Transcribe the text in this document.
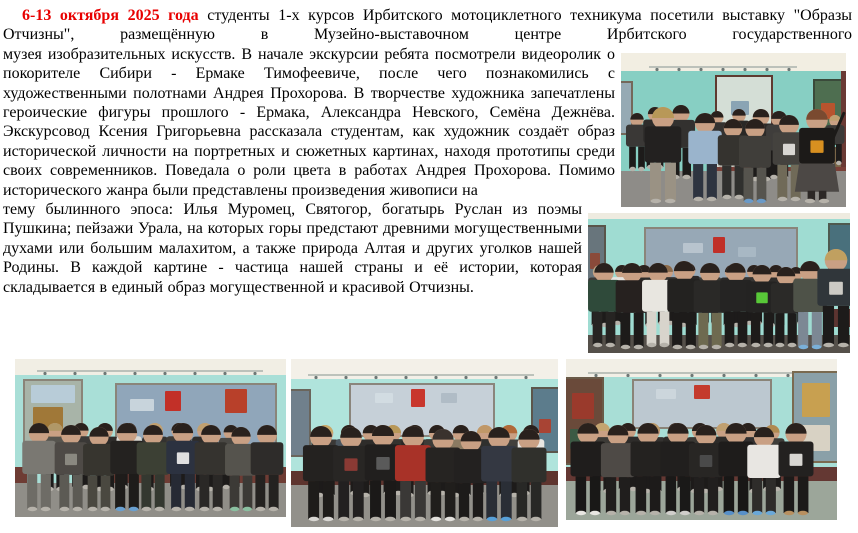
6-13 октября 2025 года студенты 1-х курсов Ирбитского мотоциклетного техникума посетили выставку "Образы Отчизны", размещённую в Музейно-выставочном центре Ирбитского государственного

музея изобразительных искусств. В начале экскурсии ребята посмотрели видеоролик о покорителе Сибири - Ермаке Тимофеевиче, после чего познакомились с художественными полотнами Андрея Прохорова. В творчестве художника запечатлены героические фигуры прошлого - Ермака, Александра Невского, Семёна Дежнёва. Экскурсовод Ксения Григорьевна рассказала студентам, как художник создаёт образ исторической личности на портретных и сюжетных картинах, находя прототипы среди своих современников. Поведала о роли цвета в работах Андрея Прохорова. Помимо исторического жанра были представлены произведения живописи на

тему былинного эпоса: Илья Муромец, Святогор, богатырь Руслан из поэмы Пушкина; пейзажи Урала, на которых горы предстают древними могущественными духами или большим малахитом, а также природа Алтая и других уголков нашей Родины. В каждой картине - частица нашей страны и её истории, которая складывается в единый образ могущественной и красивой Отчизны.
